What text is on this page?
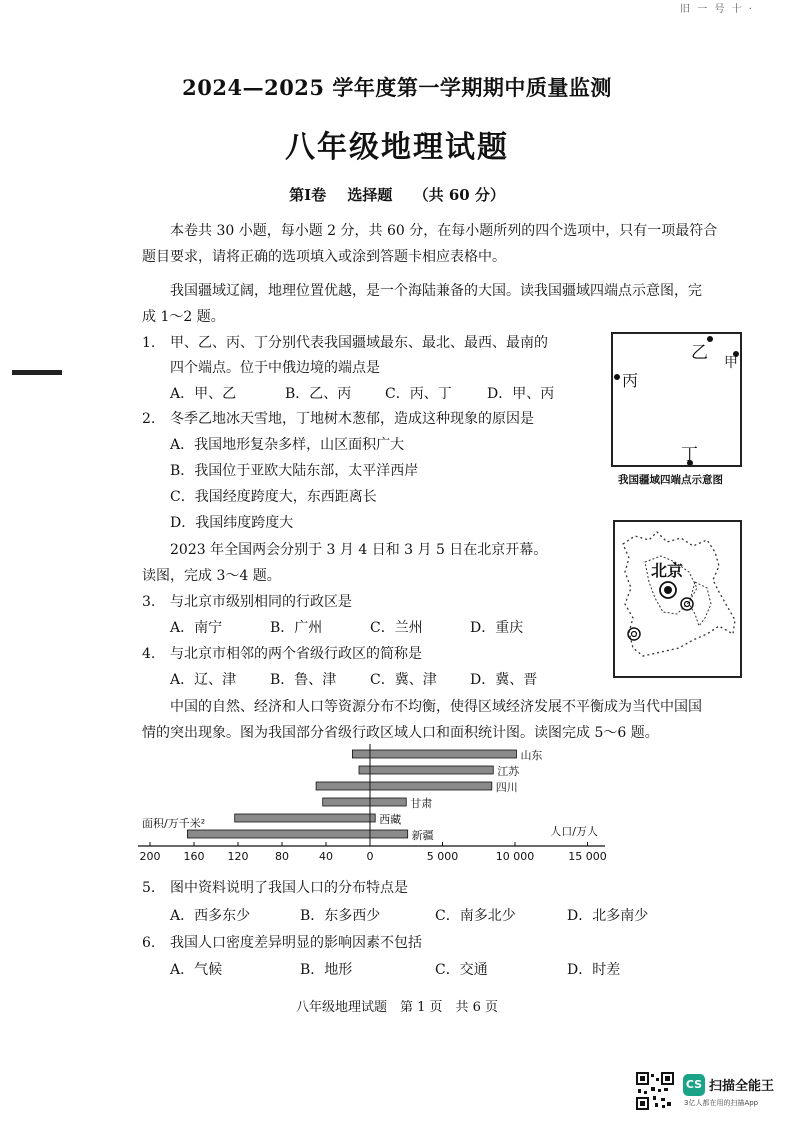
旧 一 号 十 ·
2024—2025 学年度第一学期期中质量监测
八年级地理试题
第Ⅰ卷 选择题 （共 60 分）
本卷共 30 小题，每小题 2 分，共 60 分，在每小题所列的四个选项中，只有一项最符合
题目要求，请将正确的选项填入或涂到答题卡相应表格中。
我国疆域辽阔，地理位置优越，是一个海陆兼备的大国。读我国疆域四端点示意图，完
成 1～2 题。
1. 甲、乙、丙、丁分别代表我国疆域最东、最北、最西、最南的
四个端点。位于中俄边境的端点是
A．甲、乙	B．乙、丙	C．丙、丁	D．甲、丙
乙 甲
丙
丁
我国疆域四端点示意图
2. 冬季乙地冰天雪地，丁地树木葱郁，造成这种现象的原因是
A．我国地形复杂多样，山区面积广大
B．我国位于亚欧大陆东部，太平洋西岸
C．我国经度跨度大，东西距离长
D．我国纬度跨度大
2023 年全国两会分别于 3 月 4 日和 3 月 5 日在北京开幕。
读图，完成 3～4 题。	北京
3. 与北京市级别相同的行政区是
A．南宁	B．广州	C．兰州	D．重庆
4. 与北京市相邻的两个省级行政区的简称是
A．辽、津	B．鲁、津	C．冀、津	D．冀、晋
中国的自然、经济和人口等资源分布不均衡，使得区域经济发展不平衡成为当代中国国
情的突出现象。图为我国部分省级行政区域人口和面积统计图。读图完成 5～6 题。
山东
江苏
四川
甘肃
西藏
新疆
200 160 120 80	40	0	5 000	10 000	15 000
面积/万千米²
人口/万人
5. 图中资料说明了我国人口的分布特点是
A．西多东少	B．东多西少	C．南多北少	D．北多南少
6. 我国人口密度差异明显的影响因素不包括
A．气候	B．地形	C．交通	D．时差
八年级地理试题　第 1 页　共 6 页
CS 扫描全能王
3亿人都在用的扫描App
